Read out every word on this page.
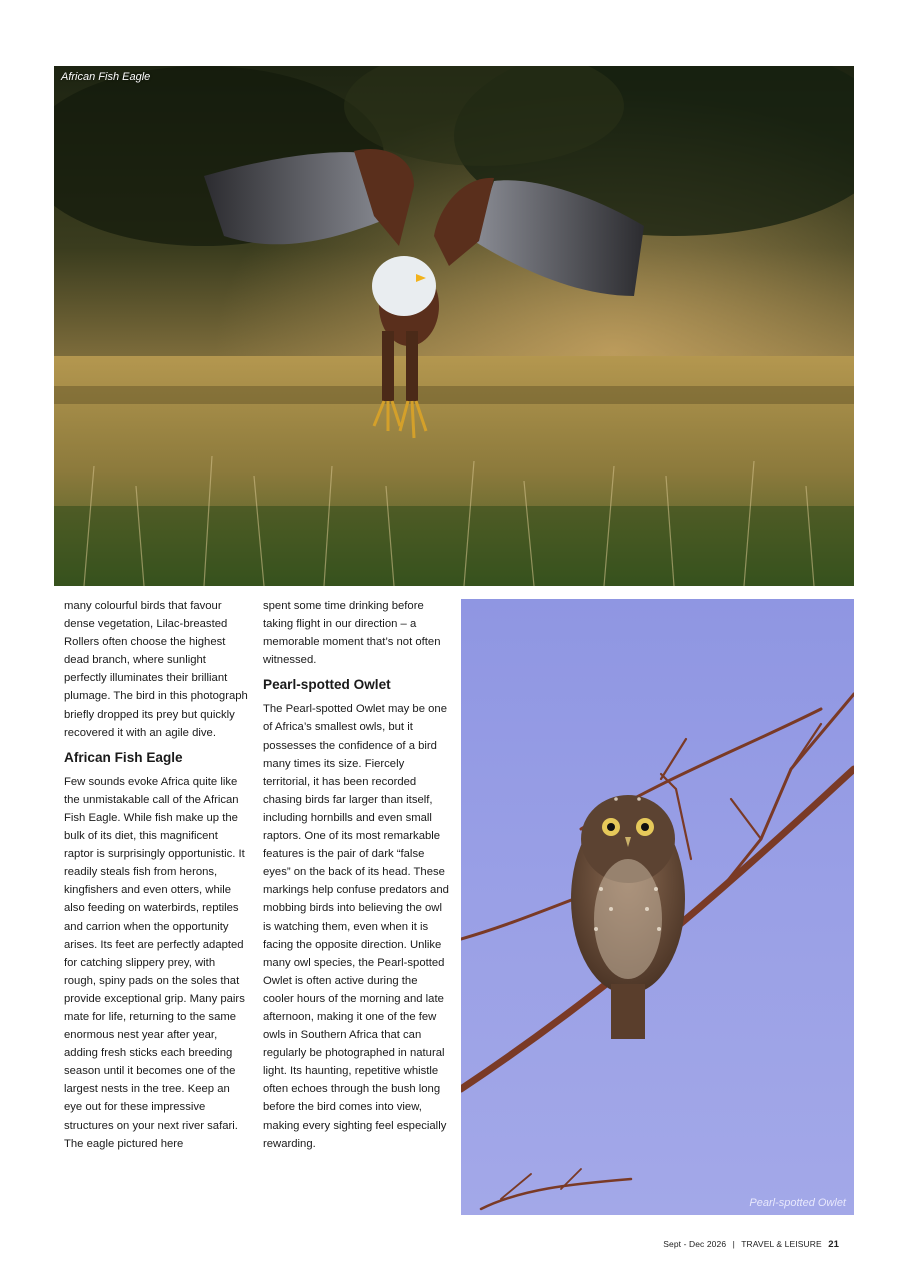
African Fish Eagle

many colourful birds that favour dense vegetation, Lilac-breasted Rollers often choose the highest dead branch, where sunlight perfectly illuminates their brilliant plumage. The bird in this photograph briefly dropped its prey but quickly recovered it with an agile dive.

African Fish Eagle

Few sounds evoke Africa quite like the unmistakable call of the African Fish Eagle. While fish make up the bulk of its diet, this magnificent raptor is surprisingly opportunistic. It readily steals fish from herons, kingfishers and even otters, while also feeding on waterbirds, reptiles and carrion when the opportunity arises. Its feet are perfectly adapted for catching slippery prey, with rough, spiny pads on the soles that provide exceptional grip. Many pairs mate for life, returning to the same enormous nest year after year, adding fresh sticks each breeding season until it becomes one of the largest nests in the tree. Keep an eye out for these impressive structures on your next river safari. The eagle pictured here

spent some time drinking before taking flight in our direction – a memorable moment that’s not often witnessed.

Pearl-spotted Owlet

The Pearl-spotted Owlet may be one of Africa’s smallest owls, but it possesses the confidence of a bird many times its size. Fiercely territorial, it has been recorded chasing birds far larger than itself, including hornbills and even small raptors. One of its most remarkable features is the pair of dark “false eyes” on the back of its head. These markings help confuse predators and mobbing birds into believing the owl is watching them, even when it is facing the opposite direction. Unlike many owl species, the Pearl-spotted Owlet is often active during the cooler hours of the morning and late afternoon, making it one of the few owls in Southern Africa that can regularly be photographed in natural light. Its haunting, repetitive whistle often echoes through the bush long before the bird comes into view, making every sighting feel especially rewarding.

Pearl-spotted Owlet
Sept - Dec 2026 | TRAVEL & LEISURE 21
